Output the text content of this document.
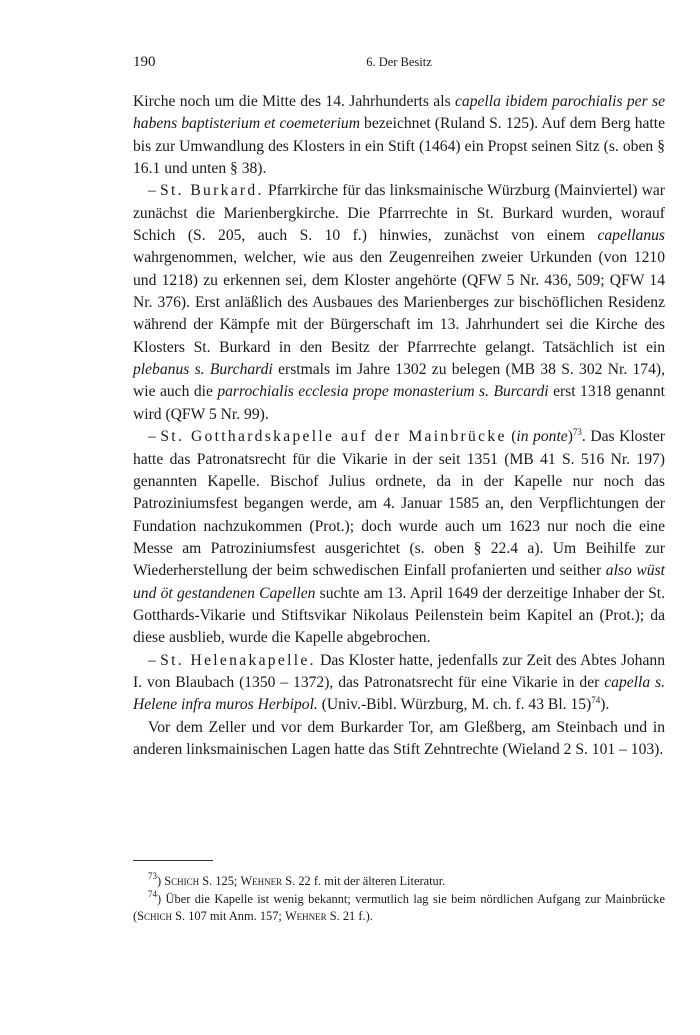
190	6. Der Besitz

Kirche noch um die Mitte des 14. Jahrhunderts als capella ibidem parochialis per se habens baptisterium et coemeterium bezeichnet (Ruland S. 125). Auf dem Berg hatte bis zur Umwandlung des Klosters in ein Stift (1464) ein Propst seinen Sitz (s. oben § 16.1 und unten § 38).

– St. Burkard. Pfarrkirche für das linksmainische Würzburg (Mainviertel) war zunächst die Marienbergkirche. Die Pfarrrechte in St. Burkard wurden, worauf Schich (S. 205, auch S. 10 f.) hinwies, zunächst von einem capellanus wahrgenommen, welcher, wie aus den Zeugenreihen zweier Urkunden (von 1210 und 1218) zu erkennen sei, dem Kloster angehörte (QFW 5 Nr. 436, 509; QFW 14 Nr. 376). Erst anläßlich des Ausbaues des Marienberges zur bischöflichen Residenz während der Kämpfe mit der Bürgerschaft im 13. Jahrhundert sei die Kirche des Klosters St. Burkard in den Besitz der Pfarrrechte gelangt. Tatsächlich ist ein plebanus s. Burchardi erstmals im Jahre 1302 zu belegen (MB 38 S. 302 Nr. 174), wie auch die parrochialis ecclesia prope monasterium s. Burcardi erst 1318 genannt wird (QFW 5 Nr. 99).

– St. Gotthardskapelle auf der Mainbrücke (in ponte)$^{73}$. Das Kloster hatte das Patronatsrecht für die Vikarie in der seit 1351 (MB 41 S. 516 Nr. 197) genannten Kapelle. Bischof Julius ordnete, da in der Kapelle nur noch das Patroziniumsfest begangen werde, am 4. Januar 1585 an, den Verpflichtungen der Fundation nachzukommen (Prot.); doch wurde auch um 1623 nur noch die eine Messe am Patroziniumsfest ausgerichtet (s. oben § 22.4 a). Um Beihilfe zur Wiederherstellung der beim schwedischen Einfall profanierten und seither also wüst und öt gestandenen Capellen suchte am 13. April 1649 der derzeitige Inhaber der St. Gotthards-Vikarie und Stiftsvikar Nikolaus Peilenstein beim Kapitel an (Prot.); da diese ausblieb, wurde die Kapelle abgebrochen.

– St. Helenakapelle. Das Kloster hatte, jedenfalls zur Zeit des Abtes Johann I. von Blaubach (1350 – 1372), das Patronatsrecht für eine Vikarie in der capella s. Helene infra muros Herbipol. (Univ.-Bibl. Würzburg, M. ch. f. 43 Bl. 15)$^{74}$).

Vor dem Zeller und vor dem Burkarder Tor, am Gleßberg, am Steinbach und in anderen linksmainischen Lagen hatte das Stift Zehntrechte (Wieland 2 S. 101 – 103).

$^{73}$) Schich S. 125; Wehner S. 22 f. mit der älteren Literatur.

$^{74}$) Über die Kapelle ist wenig bekannt; vermutlich lag sie beim nördlichen Aufgang zur Mainbrücke (Schich S. 107 mit Anm. 157; Wehner S. 21 f.).
